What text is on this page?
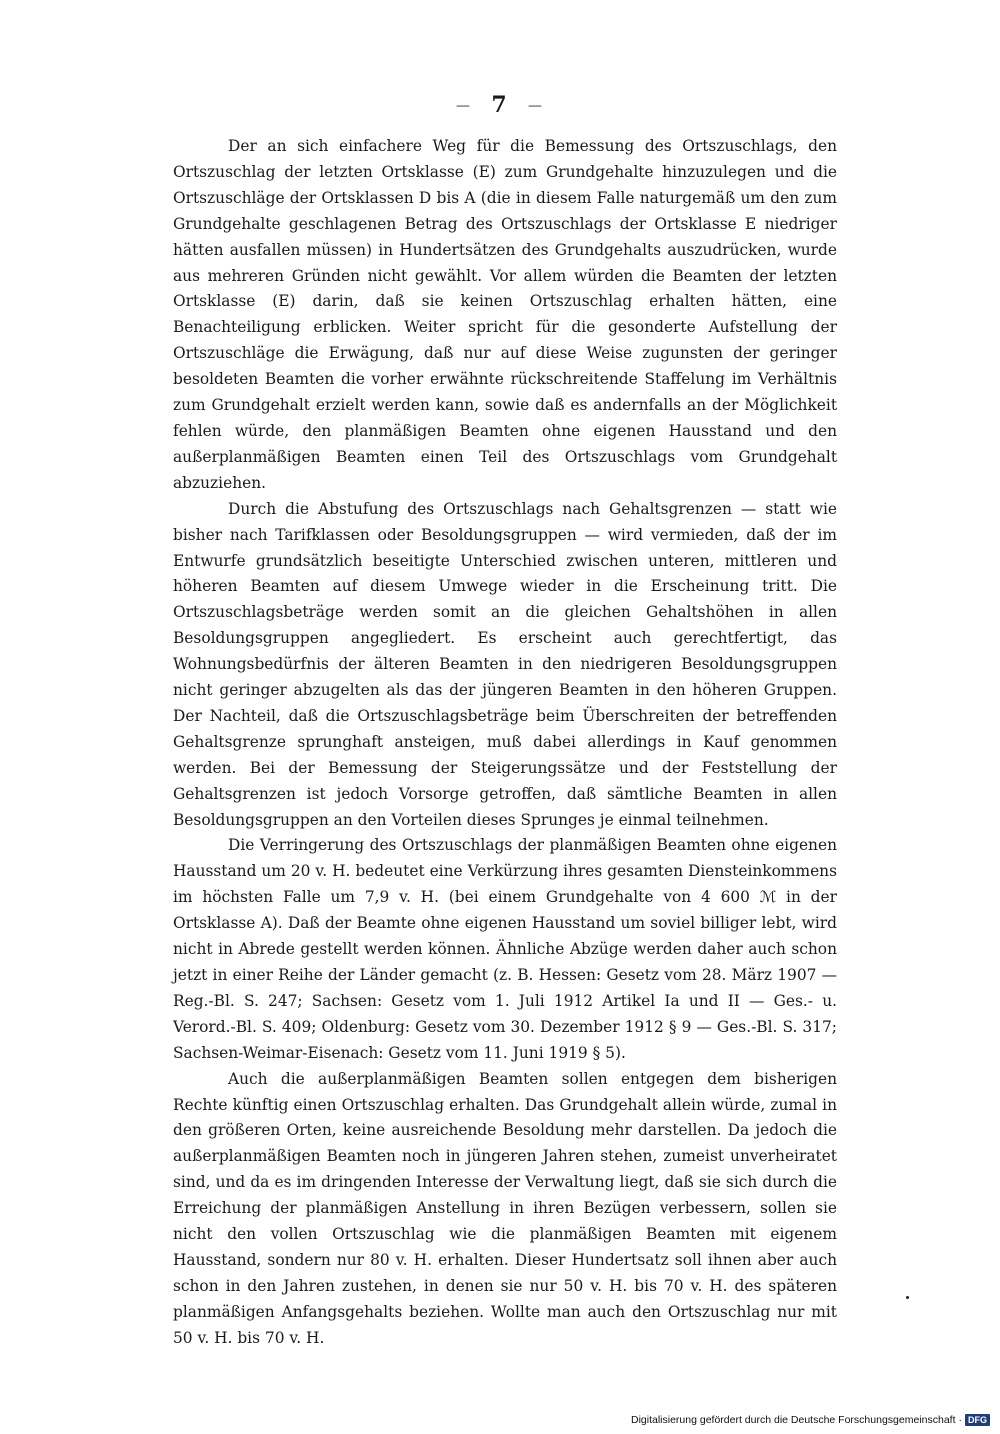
— 7 —

Der an sich einfachere Weg für die Bemessung des Ortszuschlags, den Ortszuschlag der letzten Ortsklasse (E) zum Grundgehalte hinzuzulegen und die Ortszuschläge der Ortsklassen D bis A (die in diesem Falle naturgemäß um den zum Grundgehalte geschlagenen Betrag des Ortszuschlags der Ortsklasse E niedriger hätten ausfallen müssen) in Hundertsätzen des Grundgehalts auszudrücken, wurde aus mehreren Gründen nicht gewählt. Vor allem würden die Beamten der letzten Ortsklasse (E) darin, daß sie keinen Ortszuschlag erhalten hätten, eine Benachteiligung erblicken. Weiter spricht für die gesonderte Aufstellung der Ortszuschläge die Erwägung, daß nur auf diese Weise zugunsten der geringer besoldeten Beamten die vorher erwähnte rückschreitende Staffelung im Verhältnis zum Grundgehalt erzielt werden kann, sowie daß es andernfalls an der Möglichkeit fehlen würde, den planmäßigen Beamten ohne eigenen Hausstand und den außerplanmäßigen Beamten einen Teil des Ortszuschlags vom Grundgehalt abzuziehen.

Durch die Abstufung des Ortszuschlags nach Gehaltsgrenzen — statt wie bisher nach Tarifklassen oder Besoldungsgruppen — wird vermieden, daß der im Entwurfe grundsätzlich beseitigte Unterschied zwischen unteren, mittleren und höheren Beamten auf diesem Umwege wieder in die Erscheinung tritt. Die Ortszuschlagsbeträge werden somit an die gleichen Gehaltshöhen in allen Besoldungsgruppen angegliedert. Es erscheint auch gerechtfertigt, das Wohnungsbedürfnis der älteren Beamten in den niedrigeren Besoldungsgruppen nicht geringer abzugelten als das der jüngeren Beamten in den höheren Gruppen. Der Nachteil, daß die Ortszuschlagsbeträge beim Überschreiten der betreffenden Gehaltsgrenze sprunghaft ansteigen, muß dabei allerdings in Kauf genommen werden. Bei der Bemessung der Steigerungssätze und der Feststellung der Gehaltsgrenzen ist jedoch Vorsorge getroffen, daß sämtliche Beamten in allen Besoldungsgruppen an den Vorteilen dieses Sprunges je einmal teilnehmen.

Die Verringerung des Ortszuschlags der planmäßigen Beamten ohne eigenen Hausstand um 20 v. H. bedeutet eine Verkürzung ihres gesamten Diensteinkommens im höchsten Falle um 7,9 v. H. (bei einem Grundgehalte von 4 600 ℳ in der Ortsklasse A). Daß der Beamte ohne eigenen Hausstand um soviel billiger lebt, wird nicht in Abrede gestellt werden können. Ähnliche Abzüge werden daher auch schon jetzt in einer Reihe der Länder gemacht (z. B. Hessen: Gesetz vom 28. März 1907 — Reg.-Bl. S. 247; Sachsen: Gesetz vom 1. Juli 1912 Artikel Ia und II — Ges.- u. Verord.-Bl. S. 409; Oldenburg: Gesetz vom 30. Dezember 1912 § 9 — Ges.-Bl. S. 317; Sachsen-Weimar-Eisenach: Gesetz vom 11. Juni 1919 § 5).

Auch die außerplanmäßigen Beamten sollen entgegen dem bisherigen Rechte künftig einen Ortszuschlag erhalten. Das Grundgehalt allein würde, zumal in den größeren Orten, keine ausreichende Besoldung mehr darstellen. Da jedoch die außerplanmäßigen Beamten noch in jüngeren Jahren stehen, zumeist unverheiratet sind, und da es im dringenden Interesse der Verwaltung liegt, daß sie sich durch die Erreichung der planmäßigen Anstellung in ihren Bezügen verbessern, sollen sie nicht den vollen Ortszuschlag wie die planmäßigen Beamten mit eigenem Hausstand, sondern nur 80 v. H. erhalten. Dieser Hundertsatz soll ihnen aber auch schon in den Jahren zustehen, in denen sie nur 50 v. H. bis 70 v. H. des späteren planmäßigen Anfangsgehalts beziehen. Wollte man auch den Ortszuschlag nur mit 50 v. H. bis 70 v. H.

Digitalisierung gefördert durch die Deutsche Forschungsgemeinschaft · DFG
